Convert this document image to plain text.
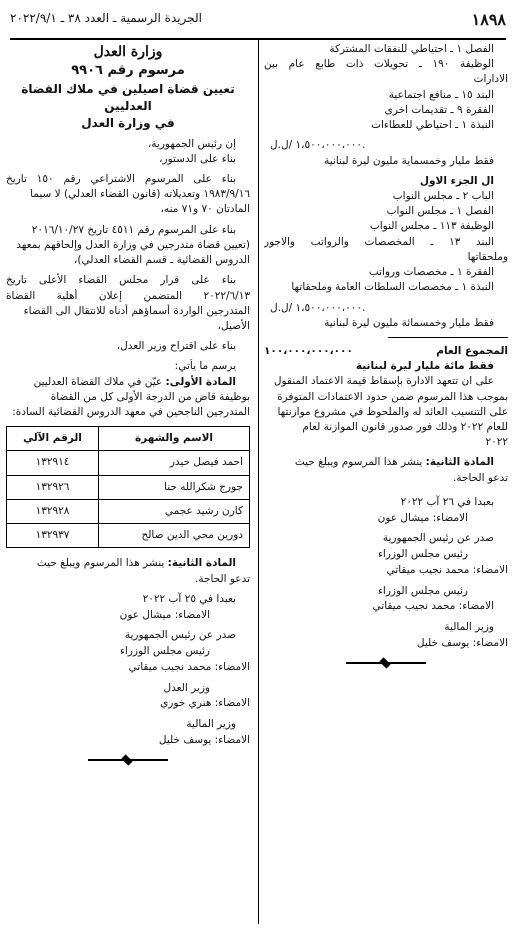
١٨٩٨
الجريدة الرسمية ـ العدد ٣٨ ـ ٢٠٢٢/٩/١
الفصل ١ ـ احتياطي للنفقات المشتركة
الوظيفة ١٩٠ ـ تحويلات ذات طابع عام بين
الادارات
البند ١٥ ـ منافع اجتماعية
الفقرة ٩ ـ تقديمات اخرى
النبذة ١ ـ احتياطي للعطاءات
١،٥٠٠،٠٠٠،٠٠٠ /ل.ل.
فقط مليار وخمسماية مليون ليرة لبنانية
ال الجزء الاول
الباب ٢ ـ مجلس النواب
الفصل ١ ـ مجلس النواب
الوظيفة ١١٣ ـ مجلس النواب
البند ١٣ ـ المخصصات والرواتب والاجور
وملحقاتها
الفقرة ١ ـ مخصصات ورواتب
النبذة ١ ـ مخصصات السلطات العامة وملحقاتها
١،٥٠٠،٠٠٠،٠٠٠ /ل.ل.
فقط مليار وخمسمائة مليون ليرة لبنانية
المجموع العام
١٠٠،٠٠٠،٠٠٠،٠٠٠
فقط مائة مليار ليرة لبنانية
على ان تتعهد الادارة بإسقاط قيمة الاعتماد المنقول
بموجب هذا المرسوم ضمن حدود الاعتمادات المتوفرة
على التنسيب العائد له والملحوظ في مشروع موازنتها
للعام ٢٠٢٢ وذلك فور صدور قانون الموازنة لعام
٢٠٢٢
المادة الثانية: ينشر هذا المرسوم ويبلغ حيث
تدعو الحاجة.
بعبدا في ٢٦ آب ٢٠٢٢
الامضاء: ميشال عون
صدر عن رئيس الجمهورية
رئيس مجلس الوزراء
الامضاء: محمد نجيب ميقاتي
رئيس مجلس الوزراء
الامضاء: محمد نجيب ميقاتي
وزير المالية
الامضاء: يوسف خليل
وزارة العدل
مرسوم رقم ٩٩٠٦
تعيين قضاة اصيلين في ملاك القضاة العدليين
في وزارة العدل
إن رئيس الجمهورية،
بناء على الدستور،
بناء على المرسوم الاشتراعي رقم ١٥٠ تاريخ
١٩٨٣/٩/١٦ وتعديلاته (قانون القضاء العدلي) لا سيما
المادتان ٧٠ و٧١ منه،
بناء على المرسوم رقم ٤٥١١ تاريخ ٢٠١٦/١٠/٢٧
(تعيين قضاة متدرجين في وزارة العدل وإلحاقهم بمعهد
الدروس القضائية ـ قسم القضاء العدلي)،
بناء على قرار مجلس القضاء الأعلى تاريخ
٢٠٢٢/٦/١٣ المتضمن إعلان أهلية القضاة
المتدرجين الواردة أسماؤهم أدناه للانتقال الى القضاء
الأصيل،
بناء على اقتراح وزير العدل،
يرسم ما يأتي:
المادة الأولى: عيّن في ملاك القضاة العدليين
بوظيفة قاض من الدرجة الأولى كل من القضاة
المتدرجين الناجحين في معهد الدروس القضائية السادة:
الاسم والشهرة	الرقم الآلي
احمد فيصل حيدر	١٣٢٩١٤
جورج شكرالله حنا	١٣٢٩٢٦
كارن رشيد عجمي	١٣٢٩٢٨
دورين محي الدين صالح	١٣٢٩٣٧
المادة الثانية: ينشر هذا المرسوم ويبلغ حيث
تدعو الحاجة.
بعبدا في ٢٥ آب ٢٠٢٢
الامضاء: ميشال عون
صدر عن رئيس الجمهورية
رئيس مجلس الوزراء
الامضاء: محمد نجيب ميقاتي
وزير العدل
الامضاء: هنري خوري
وزير المالية
الامضاء: يوسف خليل
